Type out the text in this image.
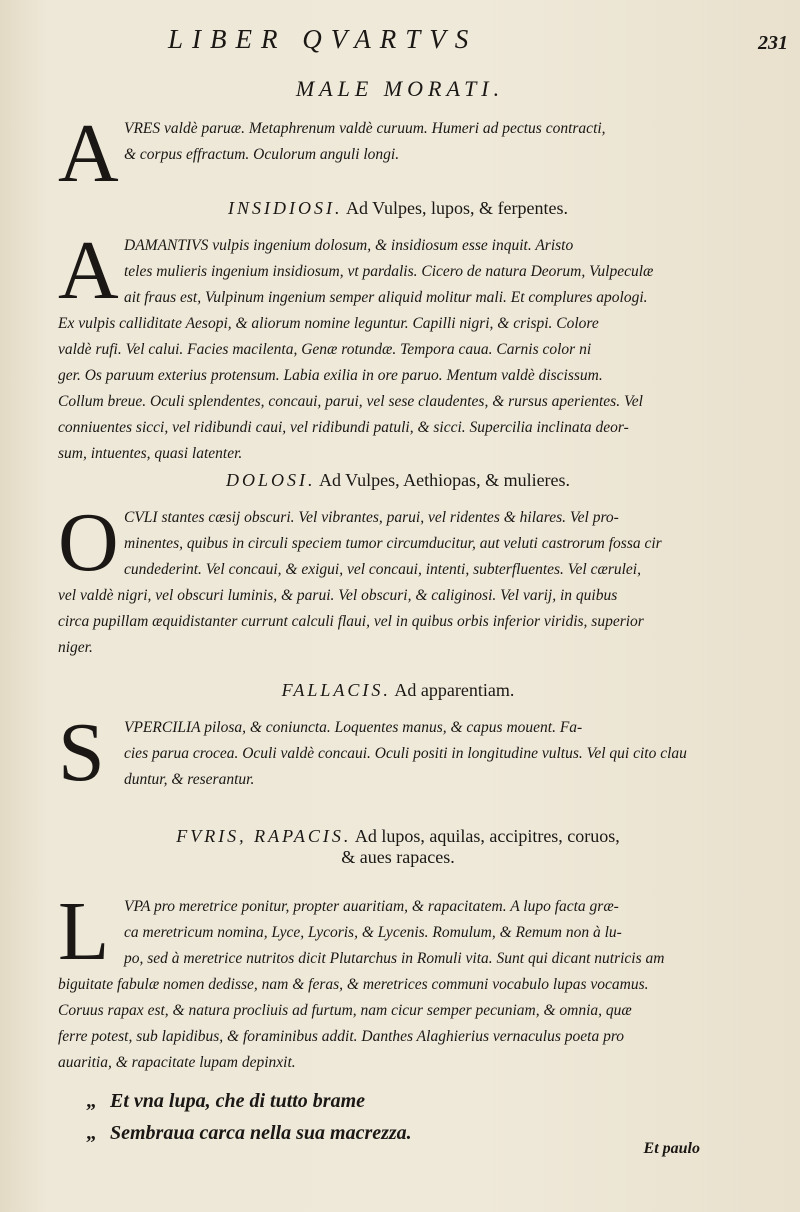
LIBER QVARTVS	231
MALE MORATI.
A VRES valdè paruæ. Metaphrenum valdè curuum. Humeri ad pectus contracti,
& corpus effractum. Oculorum anguli longi.
INSIDIOSI. Ad Vulpes, lupos, & ferpentes.
A DAMANTIVS vulpis ingenium dolosum, & insidiosum esse inquit. Aristo
teles mulieris ingenium insidiosum, vt pardalis. Cicero de natura Deorum, Vulpeculæ
ait fraus est, Vulpinum ingenium semper aliquid molitur mali. Et complures apologi.
Ex vulpis calliditate Aesopi, & aliorum nomine leguntur. Capilli nigri, & crispi. Colore
valdè rufi. Vel calui. Facies macilenta, Genæ rotundæ. Tempora caua. Carnis color ni
ger. Os paruum exterius protensum. Labia exilia in ore paruo. Mentum valdè discissum.
Collum breue. Oculi splendentes, concaui, parui, vel sese claudentes, & rursus aperientes. Vel
conniuentes sicci, vel ridibundi caui, vel ridibundi patuli, & sicci. Supercilia inclinata deor-
sum, intuentes, quasi latenter.
DOLOSI. Ad Vulpes, Aethiopas, & mulieres.
O CVLI stantes cæsij obscuri. Vel vibrantes, parui, vel ridentes & hilares. Vel pro-
minentes, quibus in circuli speciem tumor circumducitur, aut veluti castrorum fossa cir
cundederint. Vel concaui, & exigui, vel concaui, intenti, subterfluentes. Vel cærulei,
vel valdè nigri, vel obscuri luminis, & parui. Vel obscuri, & caliginosi. Vel varij, in quibus
circa pupillam æquidistanter currunt calculi flaui, vel in quibus orbis inferior viridis, superior
niger.
FALLACIS. Ad apparentiam.
S	VPERCILIA pilosa, & coniuncta. Loquentes manus, & capus mouent. Fa-
cies parua crocea. Oculi valdè concaui. Oculi positi in longitudine vultus. Vel qui cito clau
duntur, & reserantur.
FVRIS, RAPACIS. Ad lupos, aquilas, accipitres, coruos,
& aues rapaces.
L VPA pro meretrice ponitur, propter auaritiam, & rapacitatem. A lupo facta græ-
ca meretricum nomina, Lyce, Lycoris, & Lycenis. Romulum, & Remum non à lu-
po, sed à meretrice nutritos dicit Plutarchus in Romuli vita. Sunt qui dicant nutricis am
biguitate fabulæ nomen dedisse, nam & feras, & meretrices communi vocabulo lupas vocamus.
Coruus rapax est, & natura procliuis ad furtum, nam cicur semper pecuniam, & omnia, quæ
ferre potest, sub lapidibus, & foraminibus addit. Danthes Alaghierius vernaculus poeta pro
auaritia, & rapacitate lupam depinxit.
„ Et vna lupa, che di tutto brame
„ Sembraua carca nella sua macrezza.
Et paulo
